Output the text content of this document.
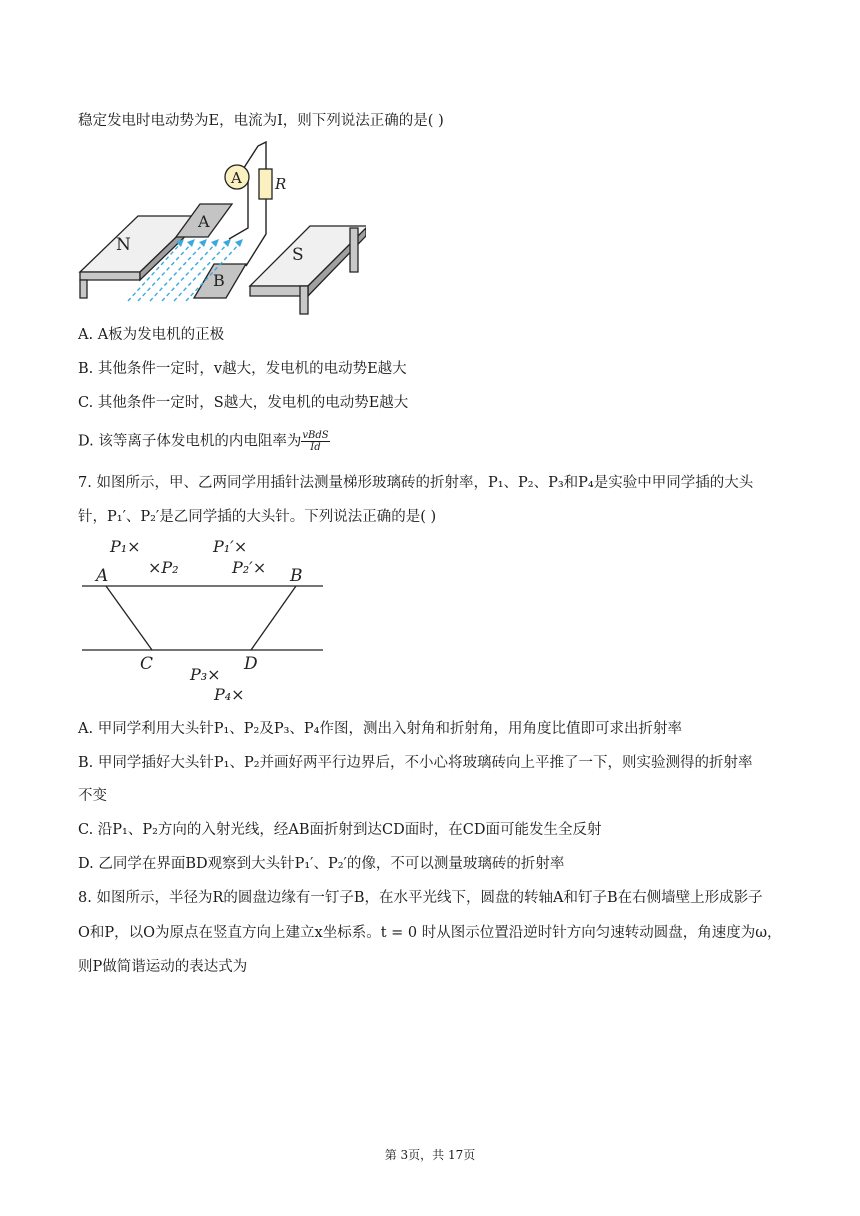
稳定发电时电动势为E，电流为I，则下列说法正确的是( )
R
A
N	S
A
B
A. A板为发电机的正极
B. 其他条件一定时，v越大，发电机的电动势E越大
C. 其他条件一定时，S越大，发电机的电动势E越大
D. 该等离子体发电机的内电阻率为 $\frac{\text{vBdS}}{Id}$
7. 如图所示，甲、乙两同学用插针法测量梯形玻璃砖的折射率，P₁、P₂、P₃和P₄是实验中甲同学插的大头
针，P₁′、P₂′是乙同学插的大头针。下列说法正确的是( )
P₁×
×P₂
P₁′×
P₂′×
A	B
C	D
P₃×
P₄×
A. 甲同学利用大头针P₁、P₂及P₃、P₄作图，测出入射角和折射角，用角度比值即可求出折射率
B. 甲同学插好大头针P₁、P₂并画好两平行边界后，不小心将玻璃砖向上平推了一下，则实验测得的折射率
不变
C. 沿P₁、P₂方向的入射光线，经AB面折射到达CD面时，在CD面可能发生全反射
D. 乙同学在界面BD观察到大头针P₁′、P₂′的像，不可以测量玻璃砖的折射率
8. 如图所示，半径为R的圆盘边缘有一钉子B，在水平光线下，圆盘的转轴A和钉子B在右侧墙壁上形成影子
O和P，以O为原点在竖直方向上建立x坐标系。t = 0 时从图示位置沿逆时针方向匀速转动圆盘，角速度为ω，
则P做简谐运动的表达式为
第 3页，共 17页
